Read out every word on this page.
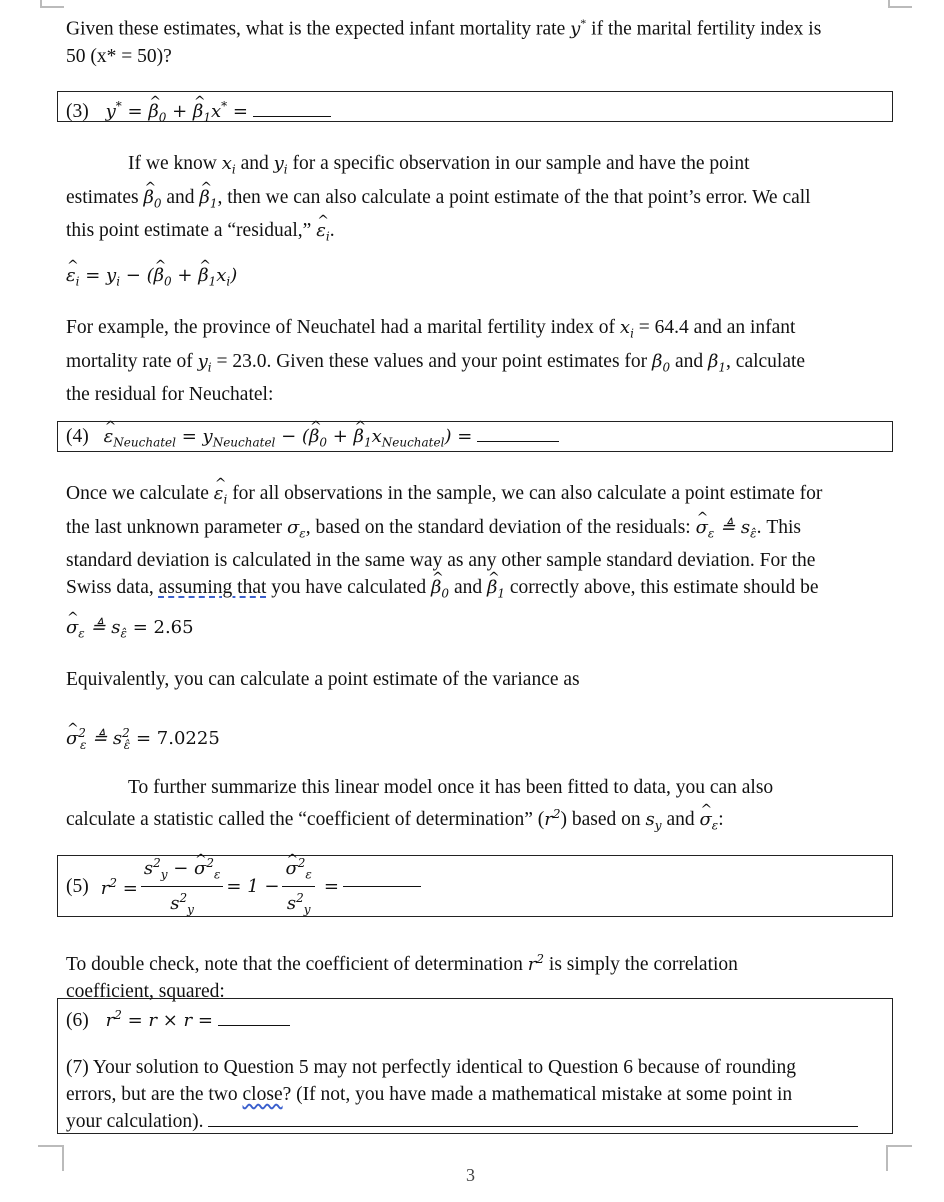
Given these estimates, what is the expected infant mortality rate y* if the marital fertility index is
50 (x* = 50)?
(3) y* = ^ $\beta_0$ + ^ $\beta_1x^*$ =
If we know $x_i$ and $y_i$ for a specific observation in our sample and have the point
estimates ^ $\beta_0$ and ^ $\beta_1$, then we can also calculate a point estimate of the that point’s error. We call
this point estimate a “residual,” ^ $\varepsilon_i$.
^ $\varepsilon_i = y_i$ − (^ $\beta_0$ + ^ $\beta_1x_i$)
For example, the province of Neuchatel had a marital fertility index of $x_i = 64.4$ and an infant
mortality rate of $y_i = 23.0$. Given these values and your point estimates for $\beta_0$ and $\beta_1$, calculate
the residual for Neuchatel:
(4) ^ $\varepsilon_{Neuchatel} = y_{Neuchatel}$ − (^ $\beta_0$ + ^ $\beta_1x_{Neuchatel}$) =
Once we calculate ^ $\varepsilon_i$ for all observations in the sample, we can also calculate a point estimate for
the last unknown parameter $\sigma_\varepsilon$, based on the standard deviation of the residuals: ^ $\sigma_\varepsilon$ ≜ $s_{\varepsilon̂}$. This
standard deviation is calculated in the same way as any other sample standard deviation. For the
Swiss data, assuming that you have calculated ^ $\beta_0$ and ^ $\beta_1$ correctly above, this estimate should be
^ $\sigma_\varepsilon$ ≜ $s_{\varepsilon̂} = 2.65$
Equivalently, you can calculate a point estimate of the variance as
^ $\sigma^2_\varepsilon$ ≜ $s^2_{\varepsilon̂} = 7.0225$
To further summarize this linear model once it has been fitted to data, you can also
calculate a statistic called the “coefficient of determination” $(r^2)$ based on $s_y$ and ^ $\sigma_\varepsilon$:
(5) $r^2 = \frac{s^2_y - \^{} \sigma^2_\varepsilon}{s^2_y} = 1$ − ^ $\frac{\sigma^2_\varepsilon}{s^2_y}$ =
To double check, note that the coefficient of determination $r^2$ is simply the correlation
coefficient, squared:
(6) $r^2 = r \times r$ =
(7) Your solution to Question 5 may not perfectly identical to Question 6 because of rounding
errors, but are the two close? (If not, you have made a mathematical mistake at some point in
your calculation).
3
